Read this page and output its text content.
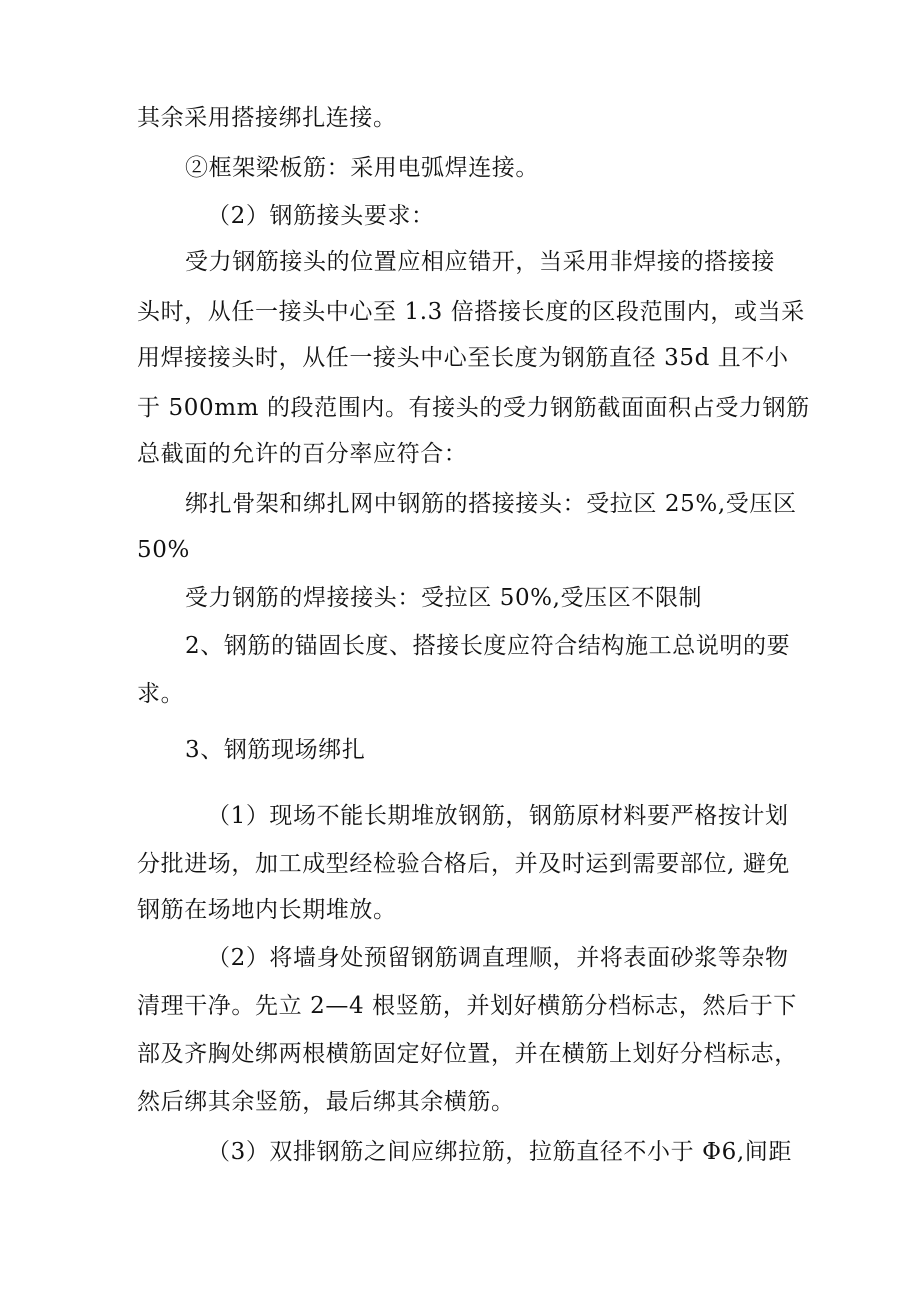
其余采用搭接绑扎连接。
②框架梁板筋：采用电弧焊连接。
（2）钢筋接头要求：
受力钢筋接头的位置应相应错开，当采用非焊接的搭接接
头时，从任一接头中心至 1.3 倍搭接长度的区段范围内，或当采
用焊接接头时，从任一接头中心至长度为钢筋直径 35d 且不小
于 500mm 的段范围内。有接头的受力钢筋截面面积占受力钢筋
总截面的允许的百分率应符合：
绑扎骨架和绑扎网中钢筋的搭接接头：受拉区 25%,受压区
50%
受力钢筋的焊接接头：受拉区 50%,受压区不限制
2、钢筋的锚固长度、搭接长度应符合结构施工总说明的要
求。
3、钢筋现场绑扎
（1）现场不能长期堆放钢筋，钢筋原材料要严格按计划
分批进场，加工成型经检验合格后，并及时运到需要部位, 避免
钢筋在场地内长期堆放。
（2）将墙身处预留钢筋调直理顺，并将表面砂浆等杂物
清理干净。先立 2—4 根竖筋，并划好横筋分档标志，然后于下
部及齐胸处绑两根横筋固定好位置，并在横筋上划好分档标志，
然后绑其余竖筋，最后绑其余横筋。
（3）双排钢筋之间应绑拉筋，拉筋直径不小于 Φ6,间距
